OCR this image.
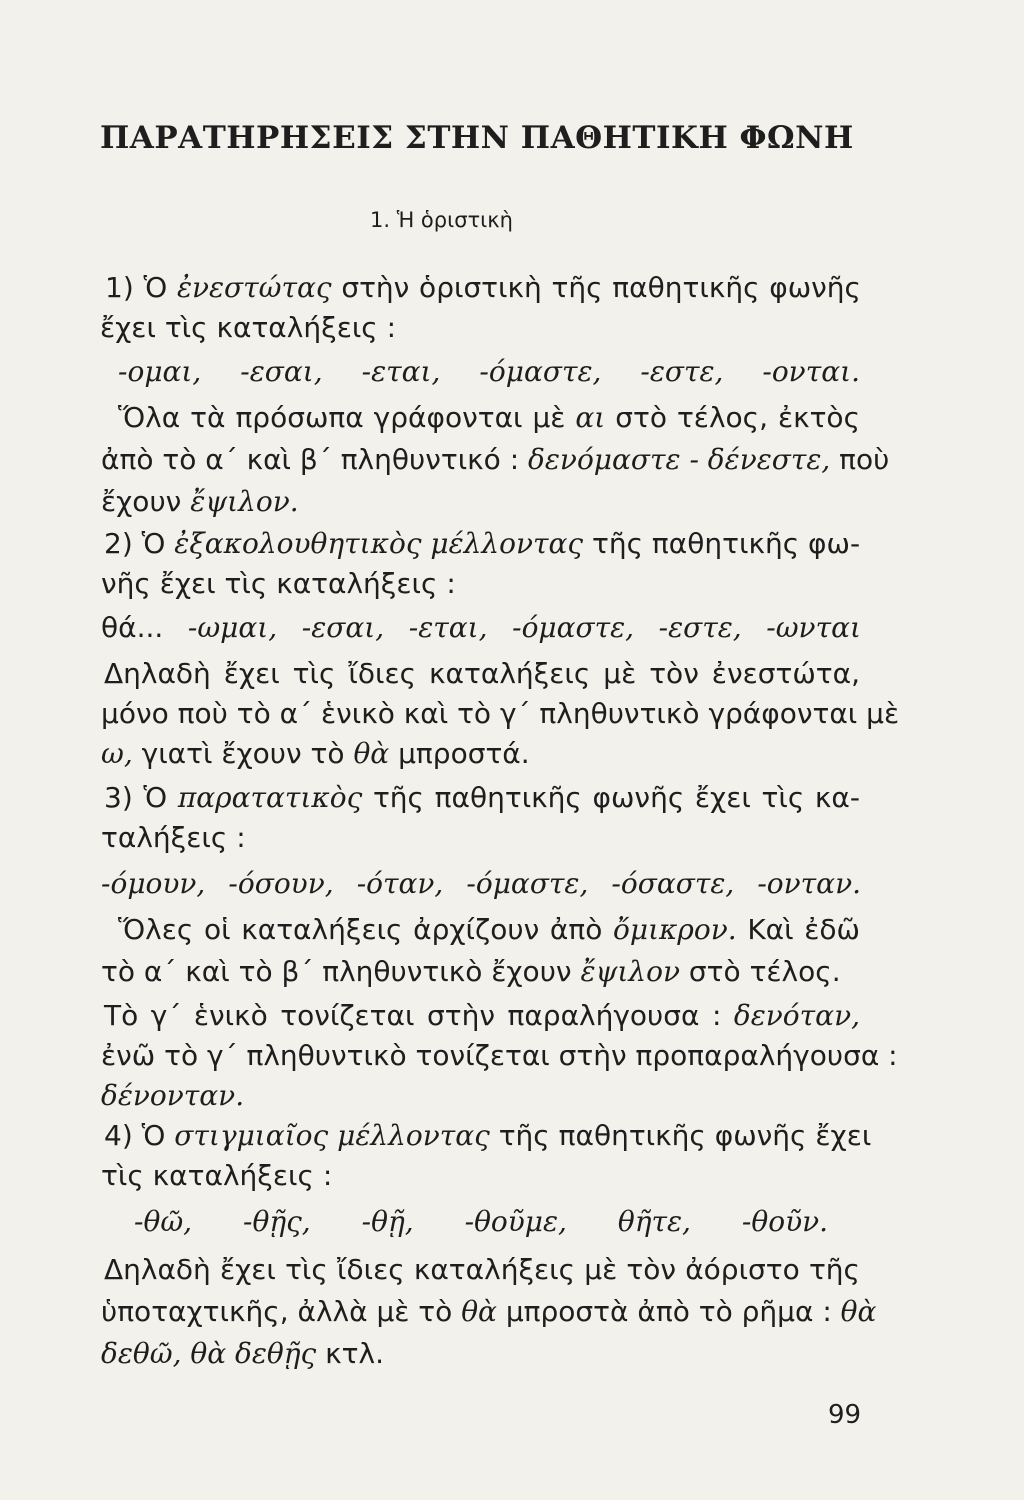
ΠΑΡΑΤΗΡΗΣΕΙΣ ΣΤΗΝ ΠΑΘΗΤΙΚΗ ΦΩΝΗ
1. Ἡ ὁριστικὴ
1) Ὁ ἐνεστώτας στὴν ὁριστικὴ τῆς παθητικῆς φωνῆς
ἔχει τὶς καταλήξεις :
-ομαι, -εσαι, -εται, -όμαστε, -εστε, -ονται.
Ὅλα τὰ πρόσωπα γράφονται μὲ αι στὸ τέλος, ἐκτὸς
ἀπὸ τὸ α΄ καὶ β΄ πληθυντικό : δενόμαστε - δένεστε, ποὺ
ἔχουν ἔψιλον.
2) Ὁ ἐξακολουθητικὸς μέλλοντας τῆς παθητικῆς φω-
νῆς ἔχει τὶς καταλήξεις :
θά... -ωμαι, -εσαι, -εται, -όμαστε, -εστε, -ωνται
Δηλαδὴ ἔχει τὶς ἴδιες καταλήξεις μὲ τὸν ἐνεστώτα,
μόνο ποὺ τὸ α΄ ἑνικὸ καὶ τὸ γ΄ πληθυντικὸ γράφονται μὲ
ω, γιατὶ ἔχουν τὸ θὰ μπροστά.
3) Ὁ παρατατικὸς τῆς παθητικῆς φωνῆς ἔχει τὶς κα-
ταλήξεις :
-όμουν, -όσουν, -όταν, -όμαστε, -όσαστε, -ονταν.
Ὅλες οἱ καταλήξεις ἀρχίζουν ἀπὸ ὄμικρον. Καὶ ἐδῶ
τὸ α΄ καὶ τὸ β΄ πληθυντικὸ ἔχουν ἔψιλον στὸ τέλος.
Τὸ γ΄ ἑνικὸ τονίζεται στὴν παραλήγουσα : δενόταν,
ἐνῶ τὸ γ΄ πληθυντικὸ τονίζεται στὴν προπαραλήγουσα :
δένονταν.
4) Ὁ στιγμιαῖος μέλλοντας τῆς παθητικῆς φωνῆς ἔχει
τὶς καταλήξεις :
-θῶ, -θῇς, -θῇ, -θοῦμε, θῆτε, -θοῦν.
Δηλαδὴ ἔχει τὶς ἴδιες καταλήξεις μὲ τὸν ἀόριστο τῆς
ὑποταχτικῆς, ἀλλὰ μὲ τὸ θὰ μπροστὰ ἀπὸ τὸ ρῆμα : θὰ
δεθῶ, θὰ δεθῇς κτλ.
99
